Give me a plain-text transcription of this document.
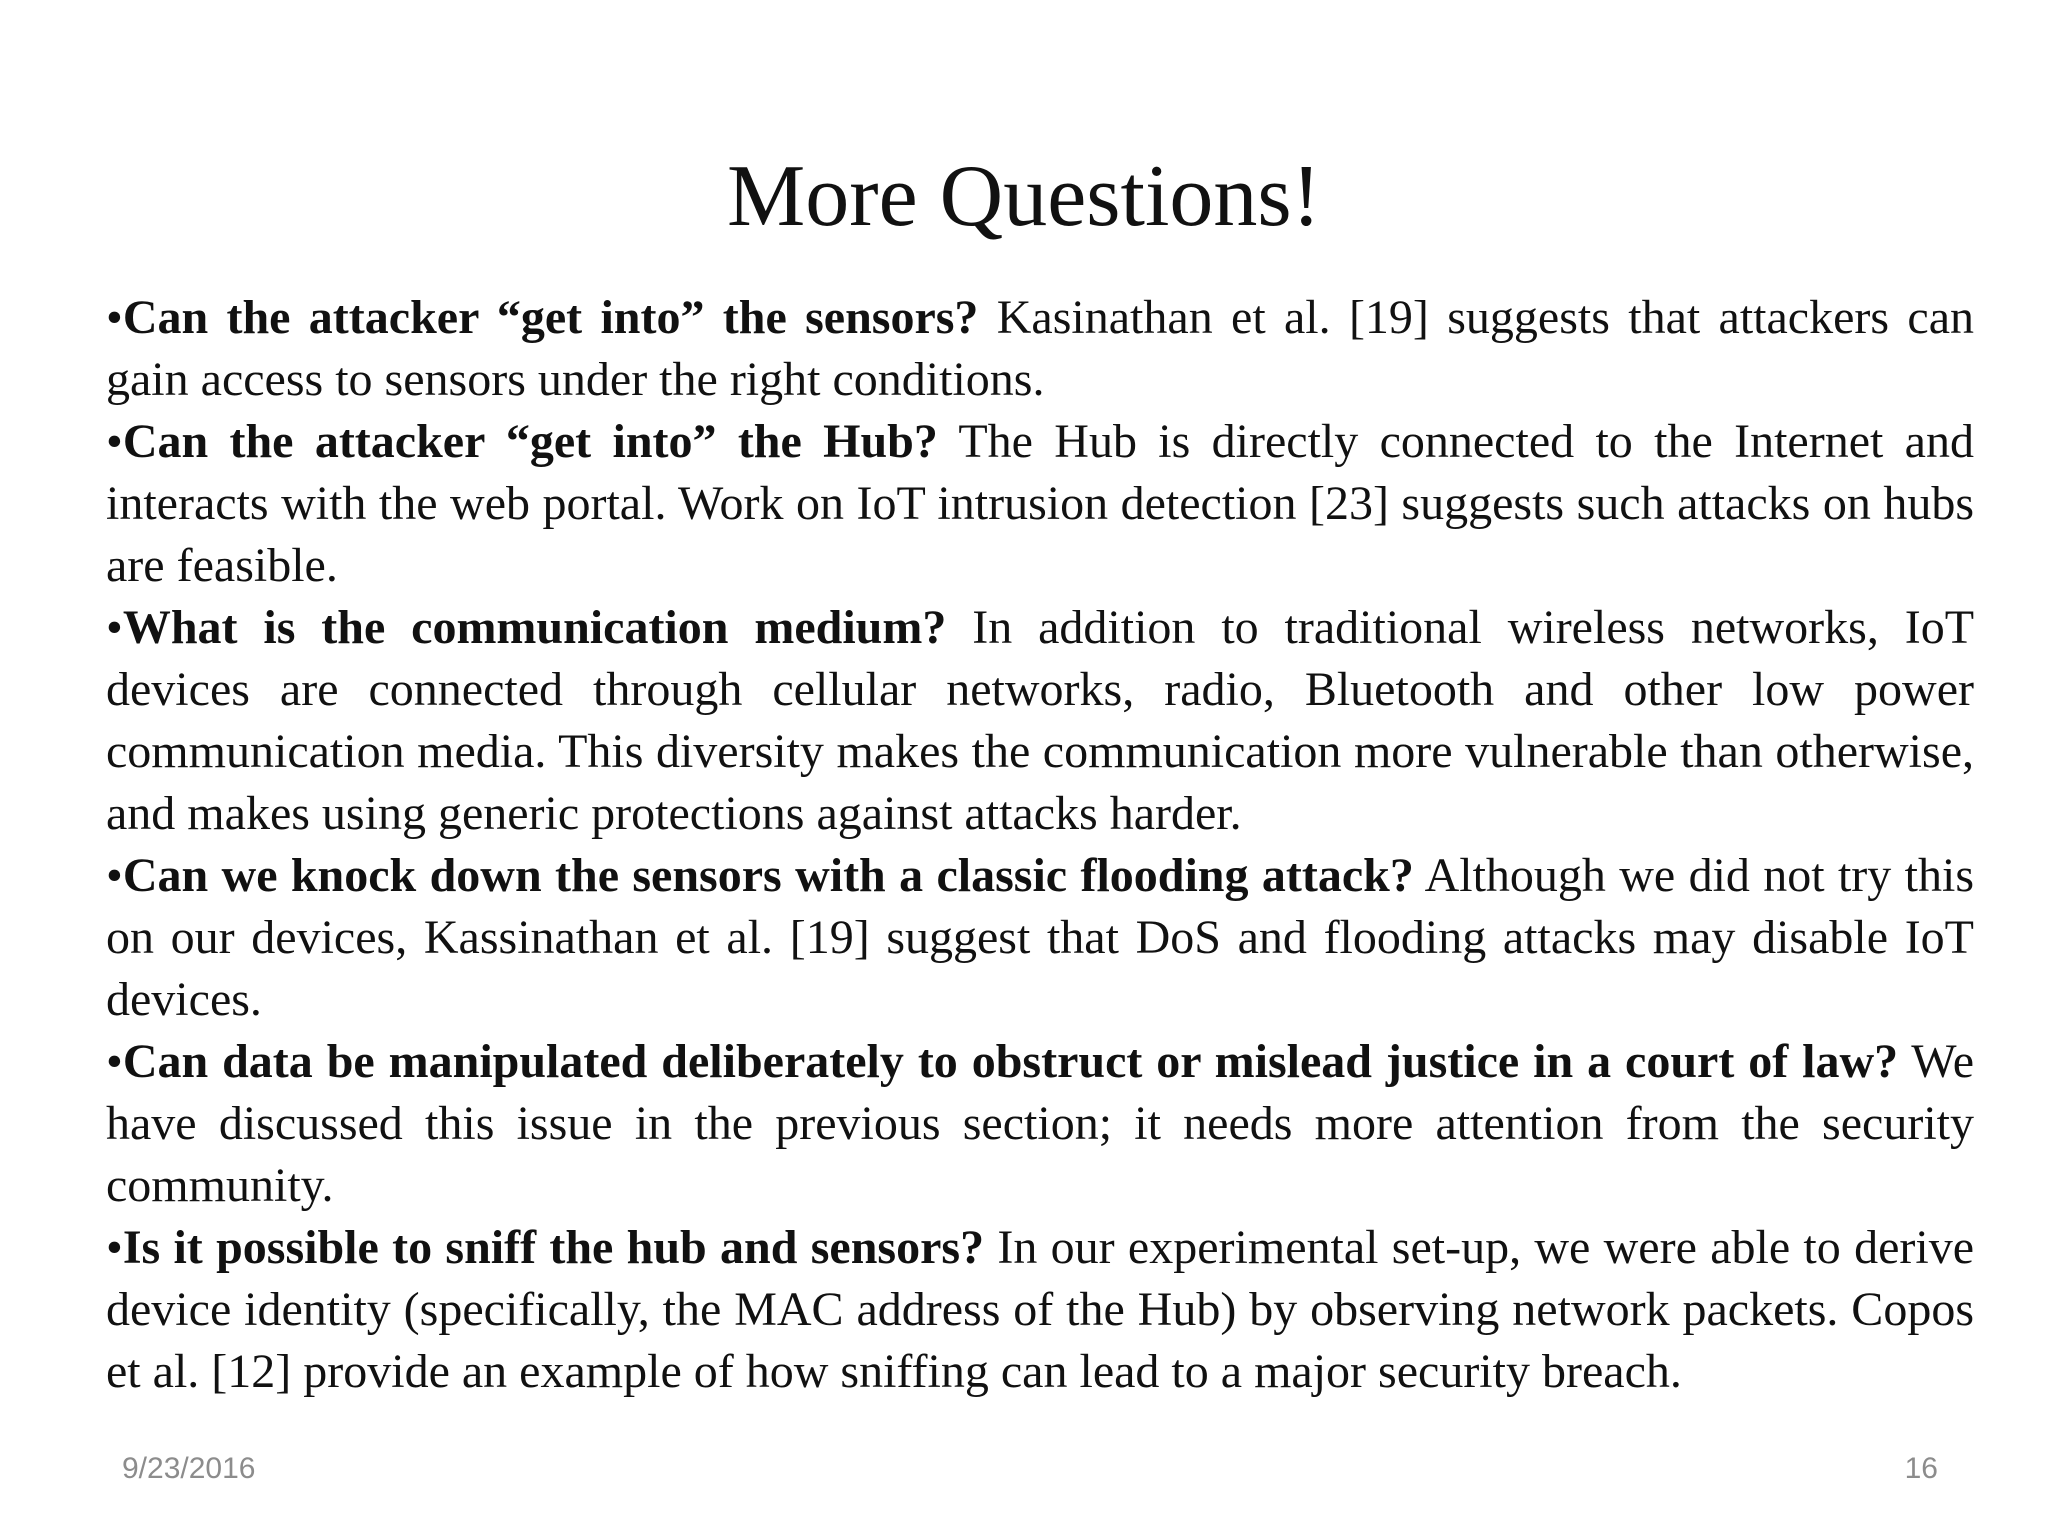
More Questions!

•Can the attacker “get into” the sensors? Kasinathan et al. [19] suggests that attackers can gain access to sensors under the right conditions.

•Can the attacker “get into” the Hub? The Hub is directly connected to the Internet and interacts with the web portal. Work on IoT intrusion detection [23] suggests such attacks on hubs are feasible.

•What is the communication medium? In addition to traditional wireless networks, IoT devices are connected through cellular networks, radio, Bluetooth and other low power communication media. This diversity makes the communication more vulnerable than otherwise, and makes using generic protections against attacks harder.

•Can we knock down the sensors with a classic flooding attack? Although we did not try this on our devices, Kassinathan et al. [19] suggest that DoS and flooding attacks may disable IoT devices.

•Can data be manipulated deliberately to obstruct or mislead justice in a court of law? We have discussed this issue in the previous section; it needs more attention from the security community.

•Is it possible to sniff the hub and sensors? In our experimental set-up, we were able to derive device identity (specifically, the MAC address of the Hub) by observing network packets. Copos et al. [12] provide an example of how sniffing can lead to a major security breach.

9/23/2016	16
